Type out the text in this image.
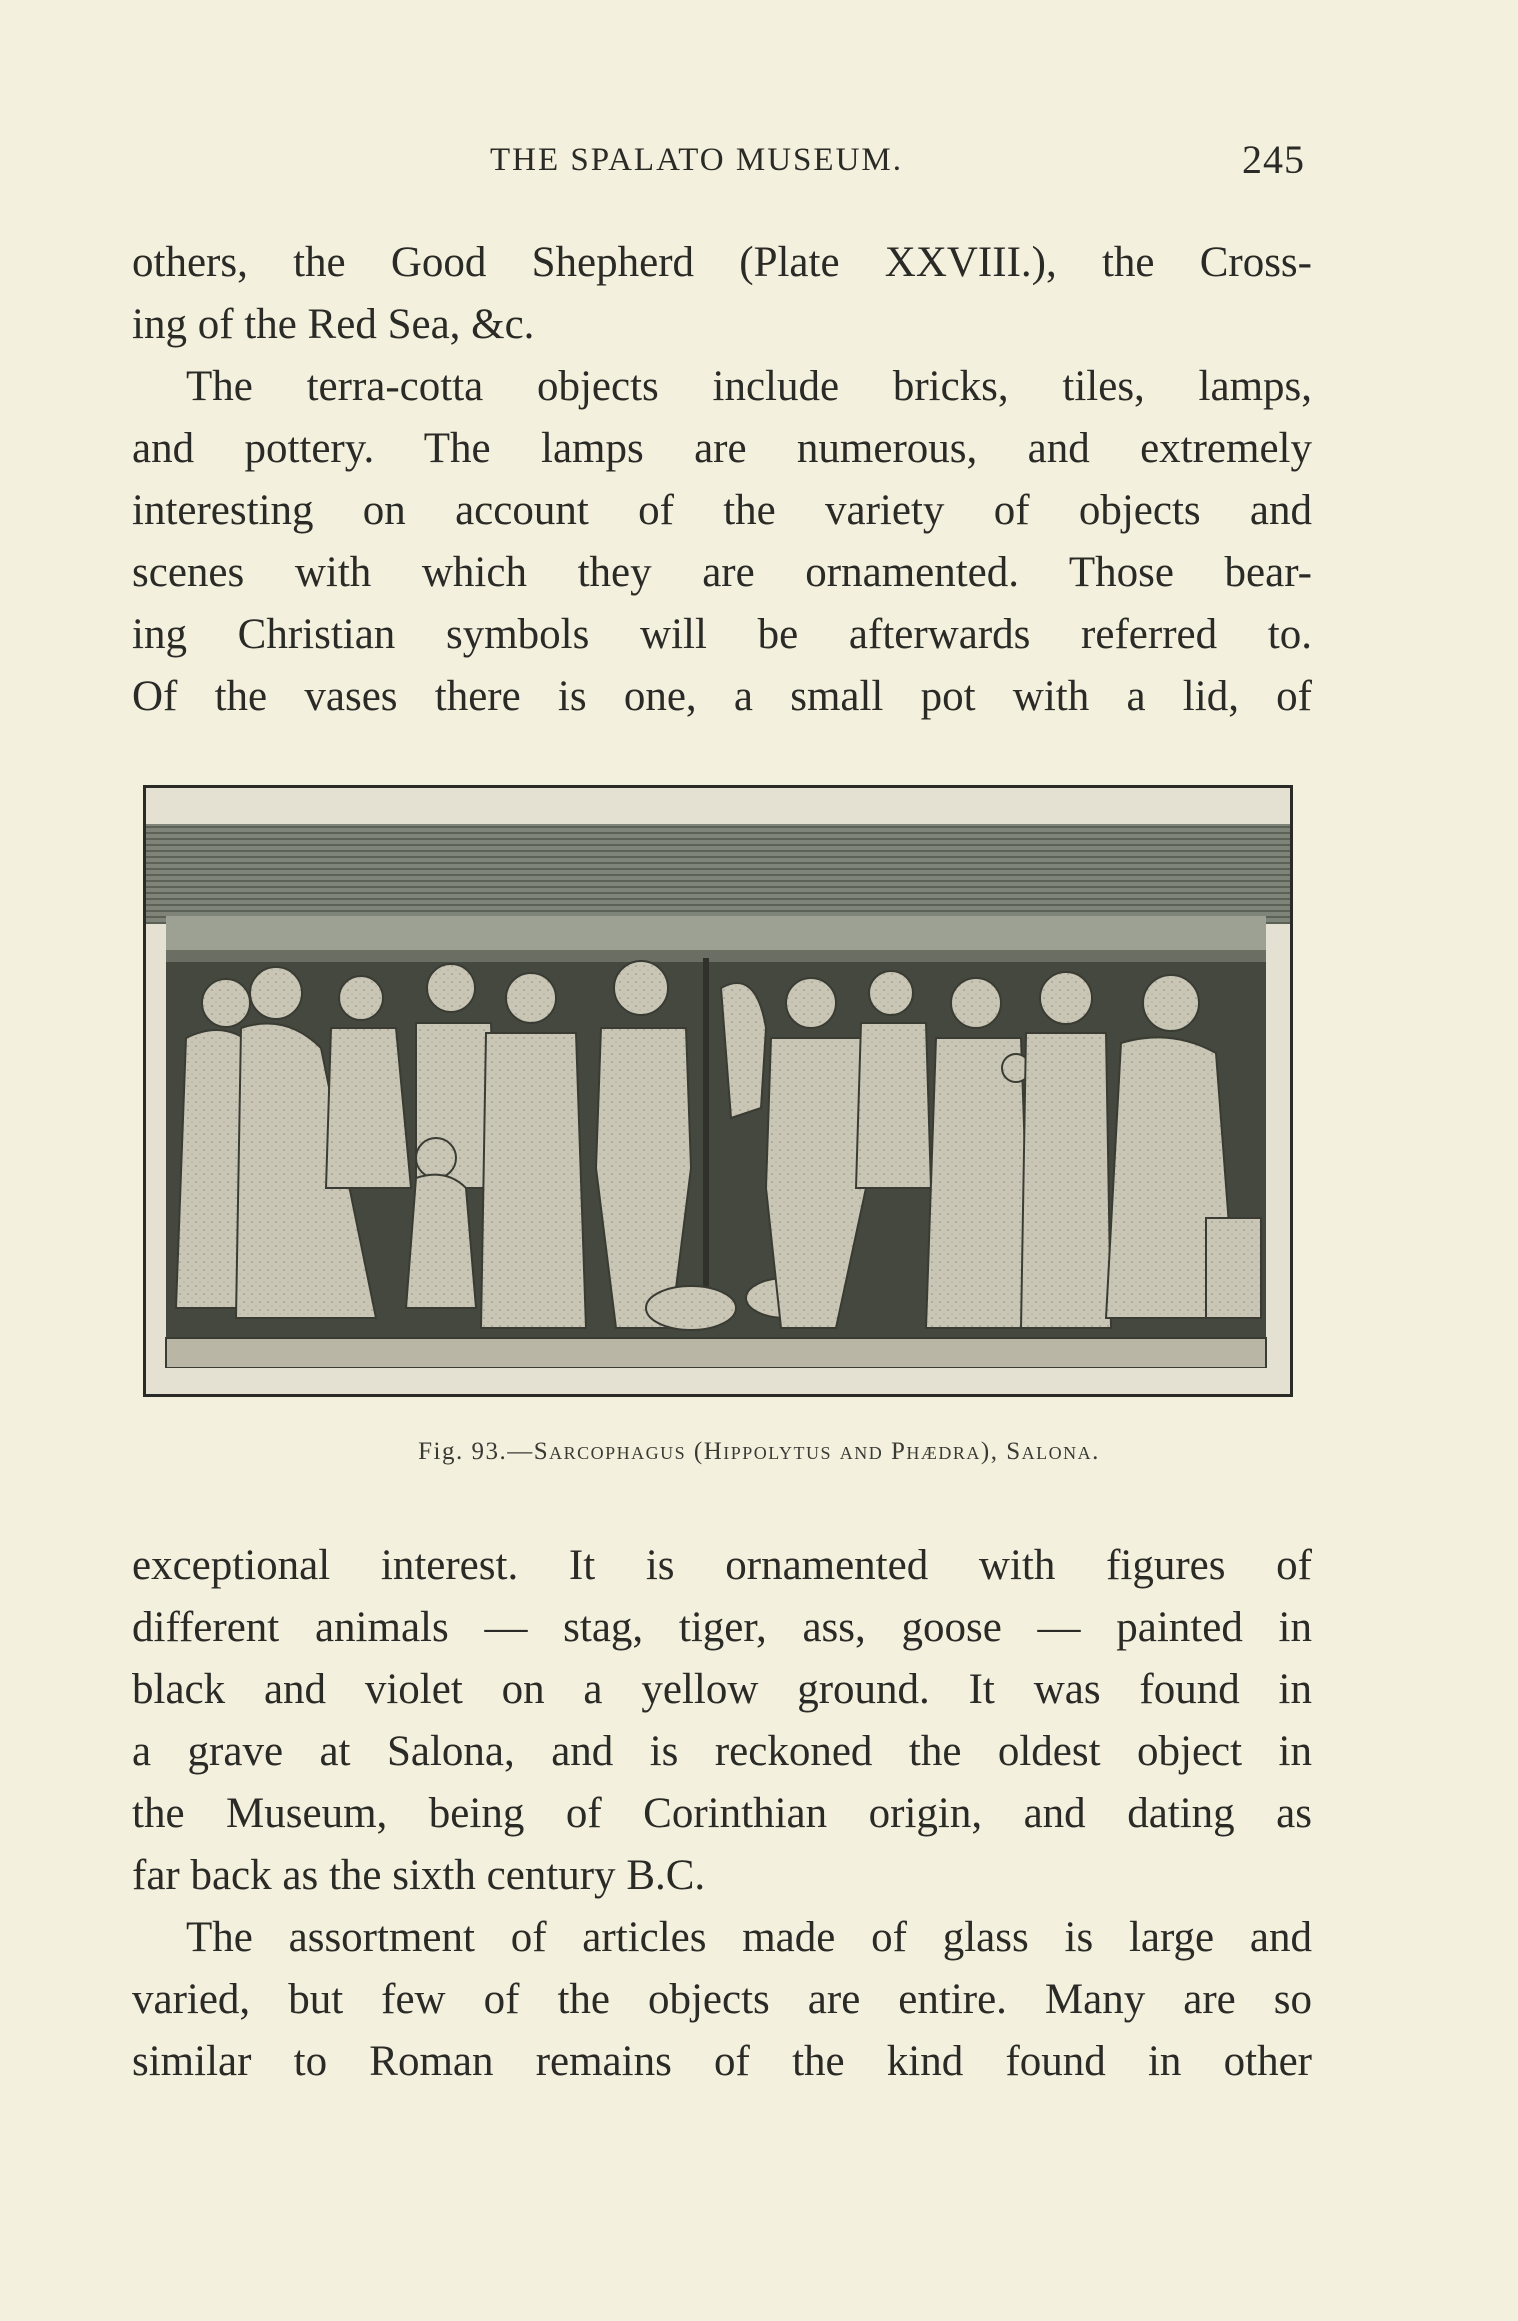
THE SPALATO MUSEUM.	245

others, the Good Shepherd (Plate XXVIII.), the Cross-

ing of the Red Sea, &c.

The terra-cotta objects include bricks, tiles, lamps,

and pottery. The lamps are numerous, and extremely

interesting on account of the variety of objects and

scenes with which they are ornamented. Those bear-

ing Christian symbols will be afterwards referred to.

Of the vases there is one, a small pot with a lid, of

Fig. 93.—Sarcophagus (Hippolytus and Phædra), Salona.

exceptional interest. It is ornamented with figures of

different animals — stag, tiger, ass, goose — painted in

black and violet on a yellow ground. It was found in

a grave at Salona, and is reckoned the oldest object in

the Museum, being of Corinthian origin, and dating as

far back as the sixth century B.C.

The assortment of articles made of glass is large and

varied, but few of the objects are entire. Many are so

similar to Roman remains of the kind found in other
